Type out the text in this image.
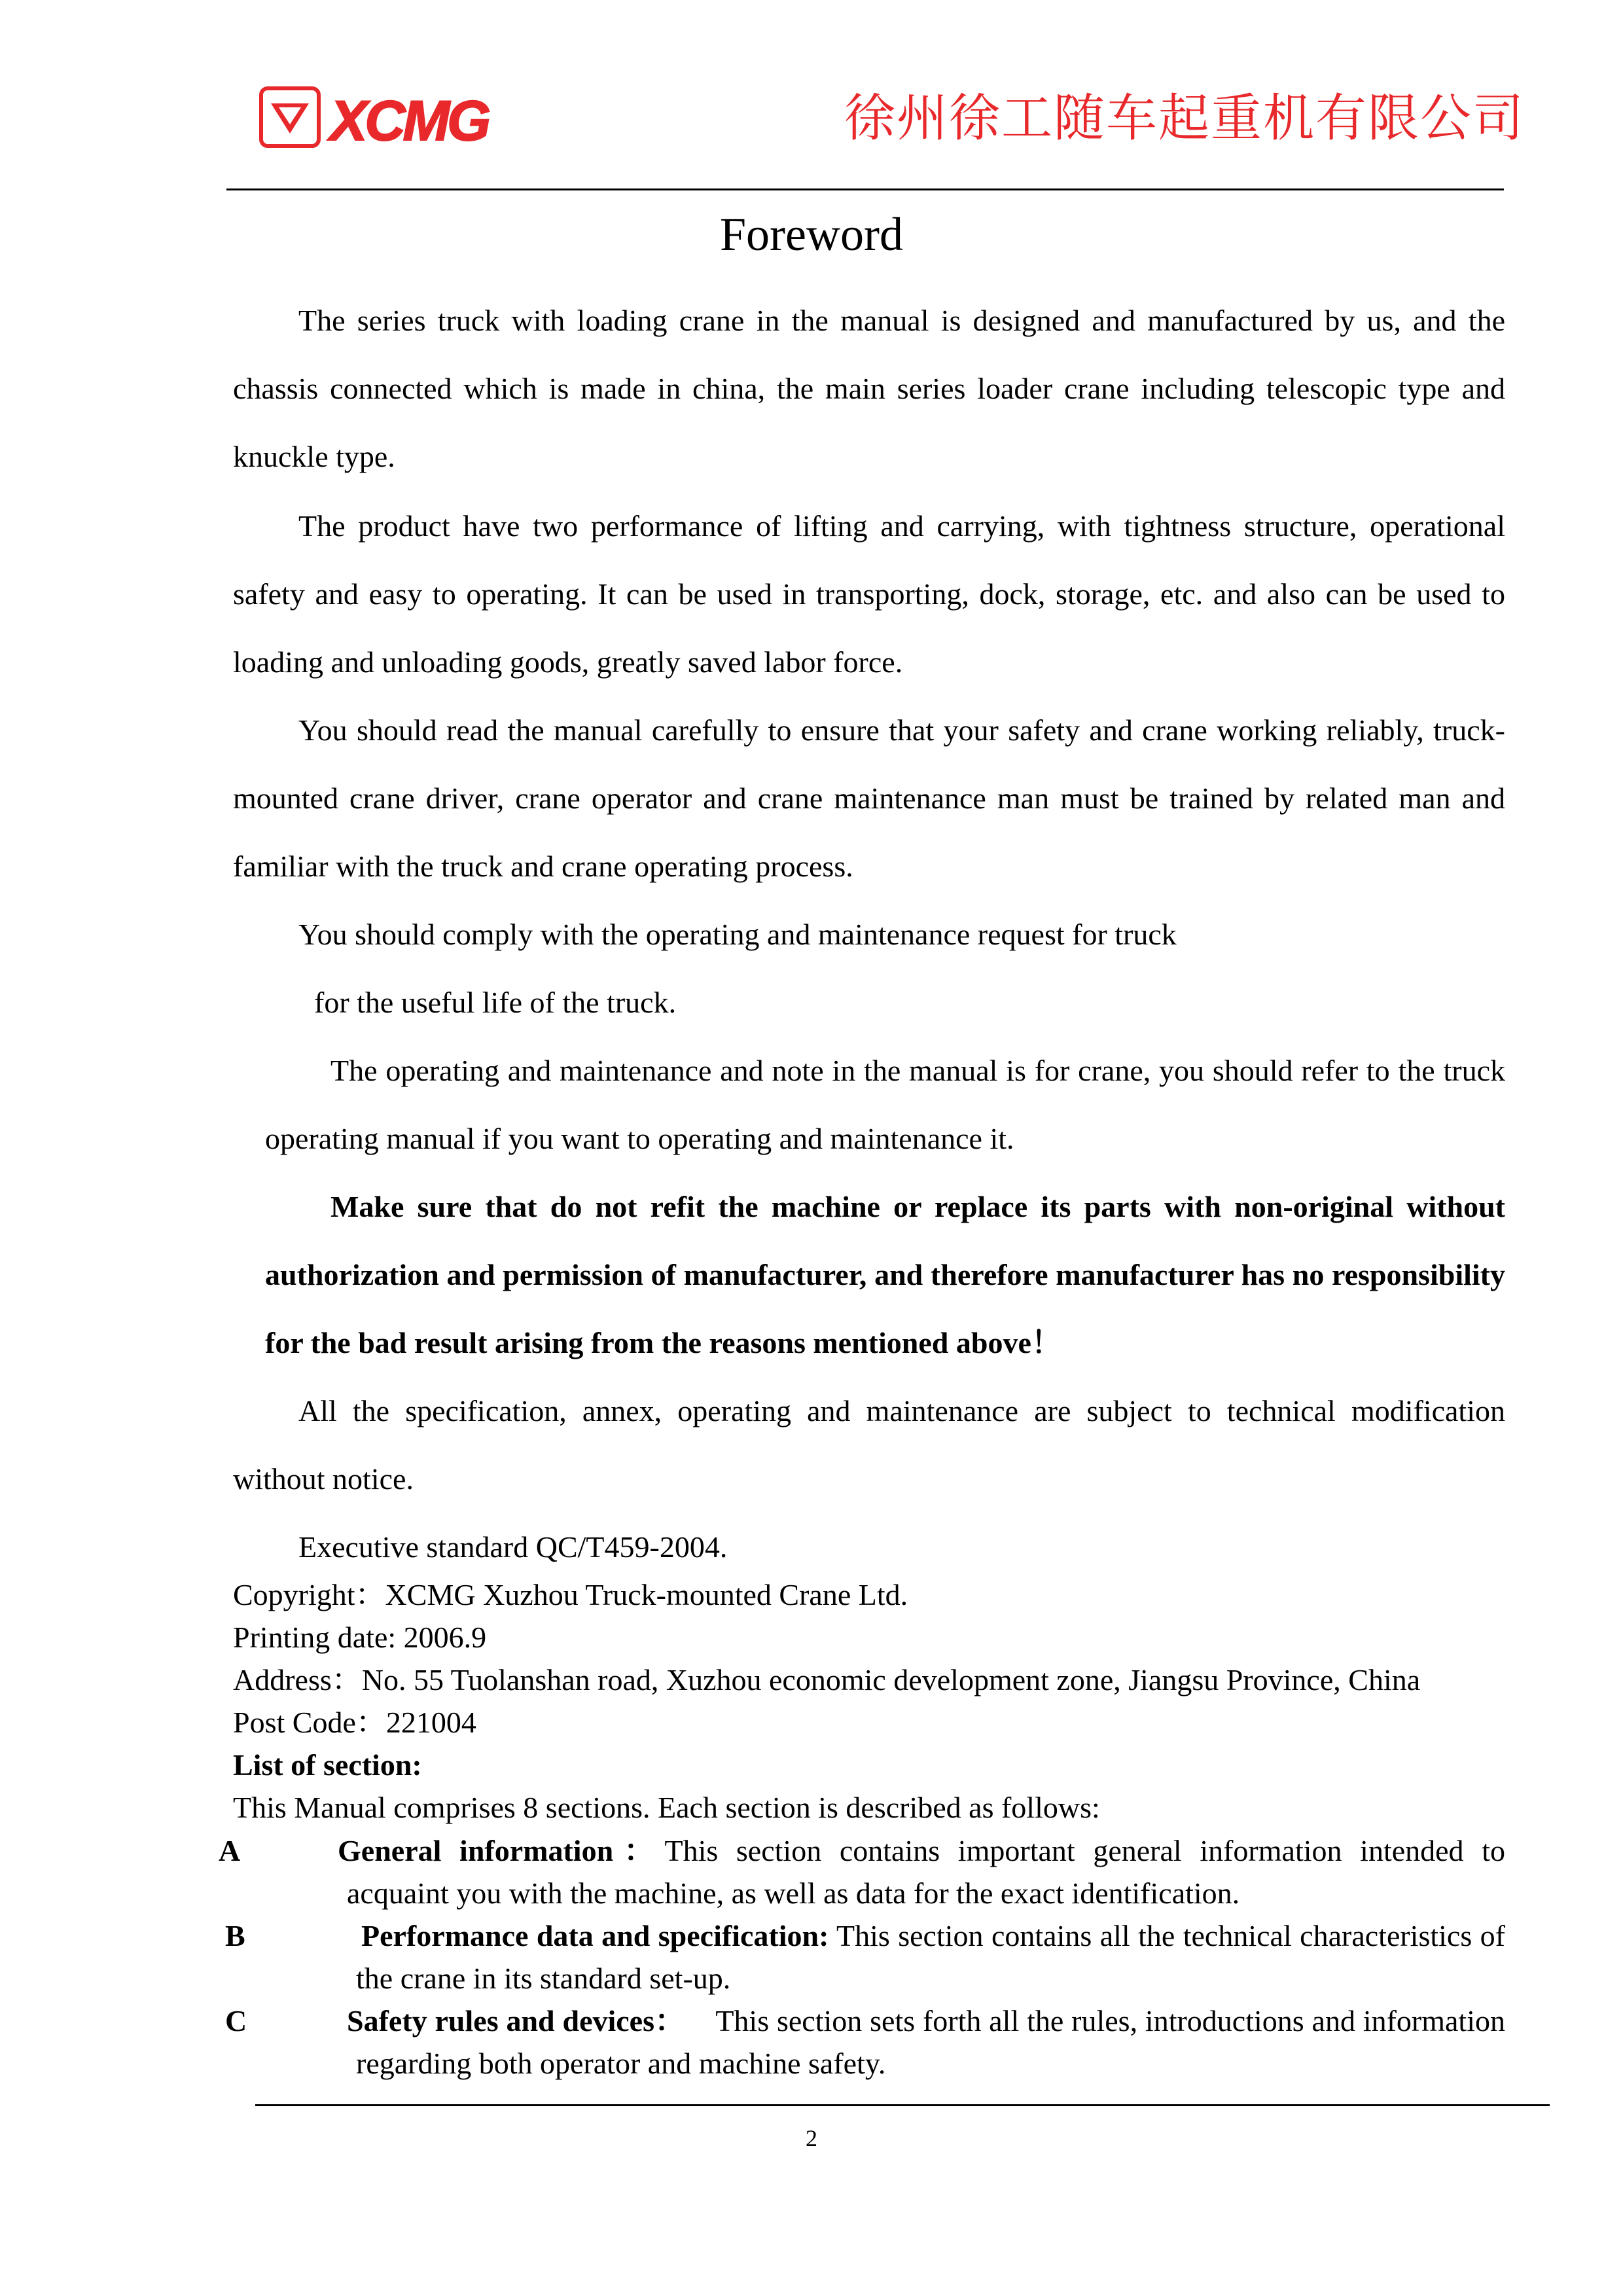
XCMG	徐州徐工随车起重机有限公司
Foreword

The series truck with loading crane in the manual is designed and manufactured by us, and the chassis connected which is made in china, the main series loader crane including telescopic type and knuckle type.

The product have two performance of lifting and carrying, with tightness structure, operational safety and easy to operating. It can be used in transporting, dock, storage, etc. and also can be used to loading and unloading goods, greatly saved labor force.

You should read the manual carefully to ensure that your safety and crane working reliably, truck-mounted crane driver, crane operator and crane maintenance man must be trained by related man and familiar with the truck and crane operating process.

You should comply with the operating and maintenance request for truck

for the useful life of the truck.

The operating and maintenance and note in the manual is for crane, you should refer to the truck operating manual if you want to operating and maintenance it.

Make sure that do not refit the machine or replace its parts with non-original without authorization and permission of manufacturer, and therefore manufacturer has no responsibility for the bad result arising from the reasons mentioned above！

All the specification, annex, operating and maintenance are subject to technical modification without notice.

Executive standard QC/T459-2004.

Copyright：XCMG Xuzhou Truck-mounted Crane Ltd.

Printing date: 2006.9

Address：No. 55 Tuolanshan road, Xuzhou economic development zone, Jiangsu Province, China

Post Code：221004

List of section:

This Manual comprises 8 sections. Each section is described as follows:

A	General information：This section contains important general information intended to acquaint you with the machine, as well as data for the exact identification.

B	Performance data and specification: This section contains all the technical characteristics of the crane in its standard set-up.

C	Safety rules and devices：    This section sets forth all the rules, introductions and information regarding both operator and machine safety.

2
